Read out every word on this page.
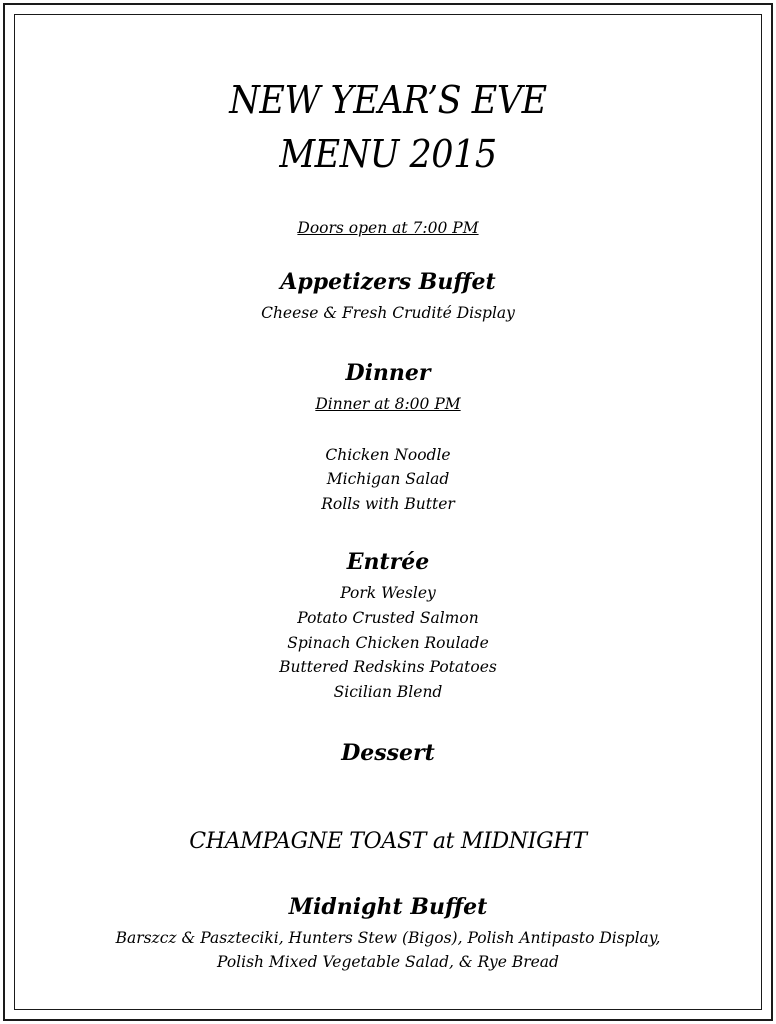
NEW YEAR’S EVE
MENU 2015
Doors open at 7:00 PM
Appetizers Buffet
Cheese & Fresh Crudité Display
Dinner
Dinner at 8:00 PM
Chicken Noodle
Michigan Salad
Rolls with Butter
Entrée
Pork Wesley
Potato Crusted Salmon
Spinach Chicken Roulade
Buttered Redskins Potatoes
Sicilian Blend
Dessert
CHAMPAGNE TOAST at MIDNIGHT
Midnight Buffet
Barszcz & Paszteciki, Hunters Stew (Bigos), Polish Antipasto Display,
Polish Mixed Vegetable Salad, & Rye Bread
